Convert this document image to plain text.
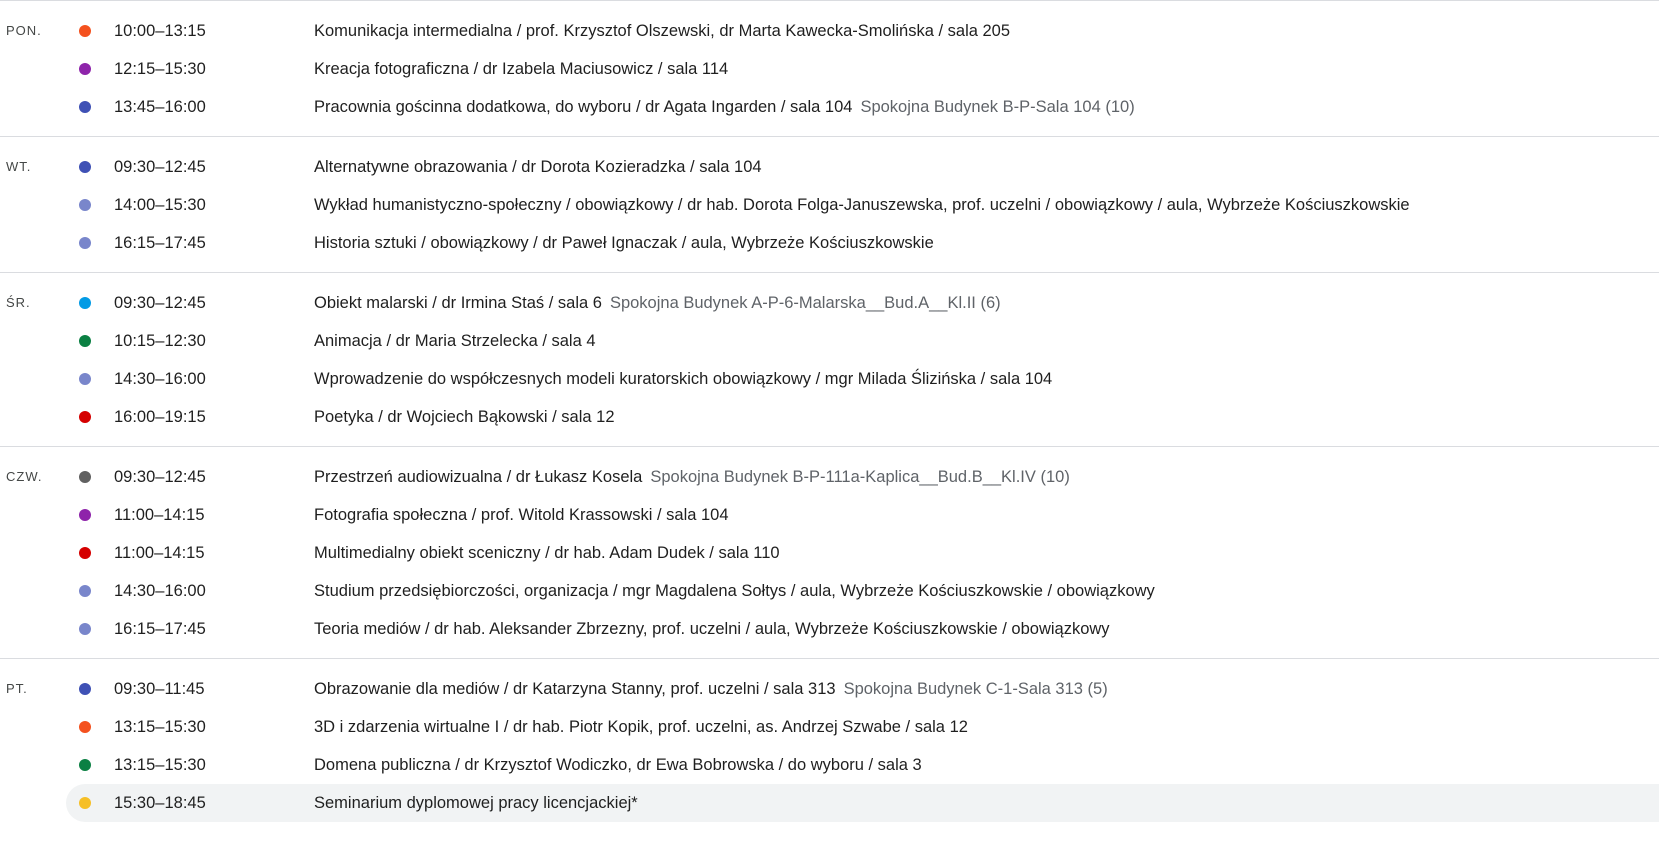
PON.	10:00–13:15	Komunikacja intermedialna / prof. Krzysztof Olszewski, dr Marta Kawecka-Smolińska / sala 205
12:15–15:30	Kreacja fotograficzna / dr Izabela Maciusowicz / sala 114
13:45–16:00	Pracownia gościnna dodatkowa, do wyboru / dr Agata Ingarden / sala 104 Spokojna Budynek B-P-Sala 104 (10)
WT.	09:30–12:45	Alternatywne obrazowania / dr Dorota Kozieradzka / sala 104
14:00–15:30	Wykład humanistyczno-społeczny / obowiązkowy / dr hab. Dorota Folga-Januszewska, prof. uczelni / obowiązkowy / aula, Wybrzeże Kościuszkowskie
16:15–17:45	Historia sztuki / obowiązkowy / dr Paweł Ignaczak / aula, Wybrzeże Kościuszkowskie
ŚR.	09:30–12:45	Obiekt malarski / dr Irmina Staś / sala 6 Spokojna Budynek A-P-6-Malarska__Bud.A__Kl.II (6)
10:15–12:30	Animacja / dr Maria Strzelecka / sala 4
14:30–16:00	Wprowadzenie do współczesnych modeli kuratorskich obowiązkowy / mgr Milada Ślizińska / sala 104
16:00–19:15	Poetyka / dr Wojciech Bąkowski / sala 12
CZW.	09:30–12:45	Przestrzeń audiowizualna / dr Łukasz Kosela Spokojna Budynek B-P-111a-Kaplica__Bud.B__Kl.IV (10)
11:00–14:15	Fotografia społeczna / prof. Witold Krassowski / sala 104
11:00–14:15	Multimedialny obiekt sceniczny / dr hab. Adam Dudek / sala 110
14:30–16:00	Studium przedsiębiorczości, organizacja / mgr Magdalena Sołtys / aula, Wybrzeże Kościuszkowskie / obowiązkowy
16:15–17:45	Teoria mediów / dr hab. Aleksander Zbrzezny, prof. uczelni / aula, Wybrzeże Kościuszkowskie / obowiązkowy
PT.	09:30–11:45	Obrazowanie dla mediów / dr Katarzyna Stanny, prof. uczelni / sala 313 Spokojna Budynek C-1-Sala 313 (5)
13:15–15:30	3D i zdarzenia wirtualne I / dr hab. Piotr Kopik, prof. uczelni, as. Andrzej Szwabe / sala 12
13:15–15:30	Domena publiczna / dr Krzysztof Wodiczko, dr Ewa Bobrowska / do wyboru / sala 3
15:30–18:45	Seminarium dyplomowej pracy licencjackiej*
